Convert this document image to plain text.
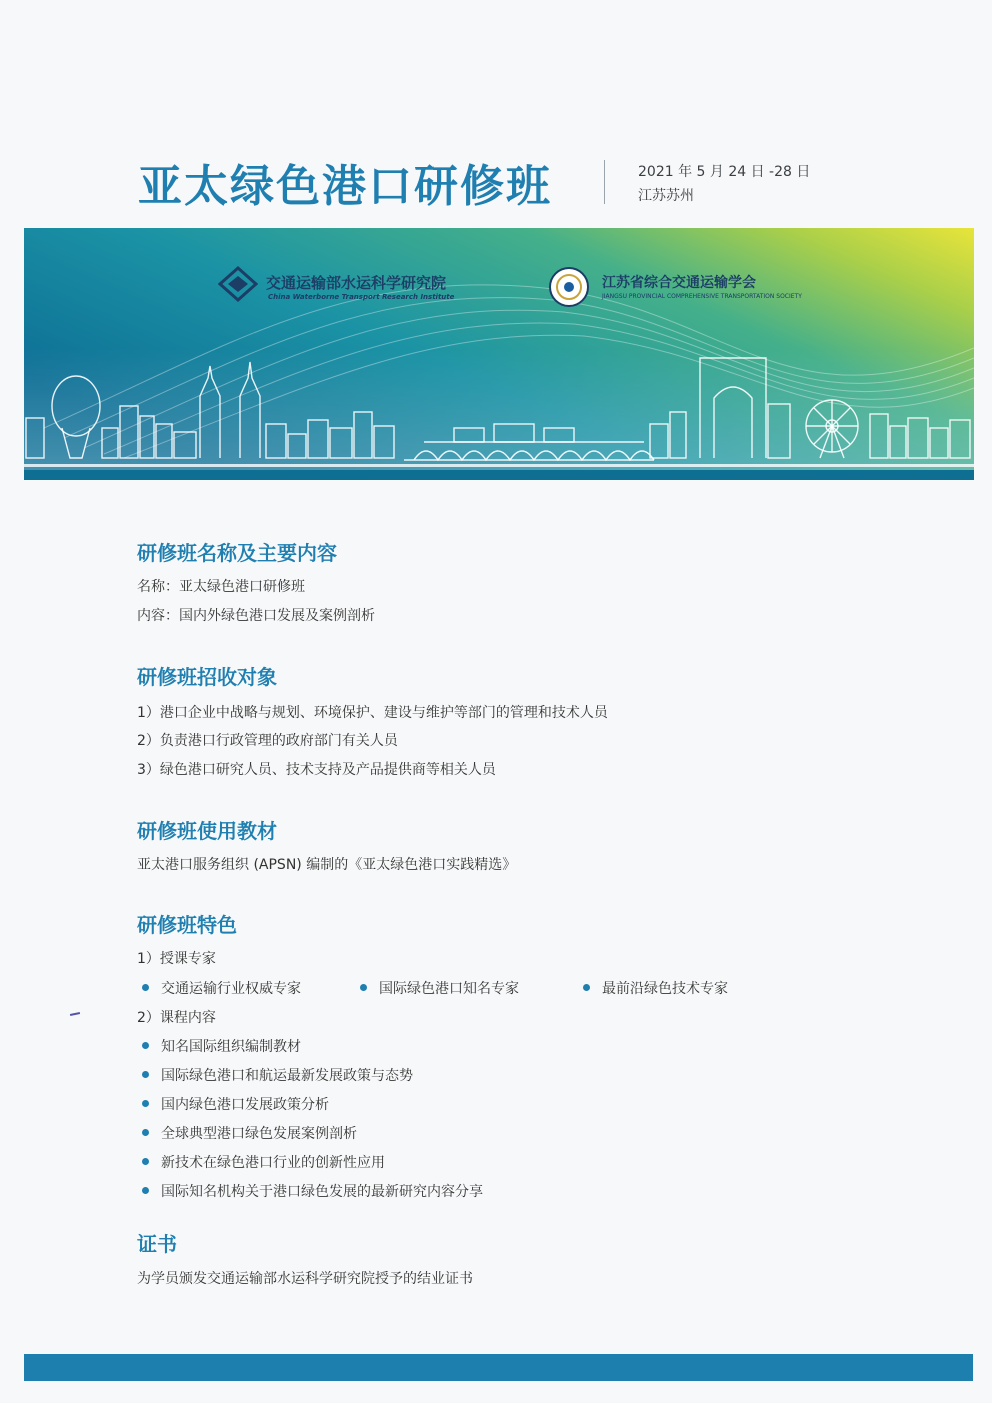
亚太绿色港口研修班	2021 年 5 月 24 日 -28 日
江苏苏州
交通运输部水运科学研究院
China Waterborne Transport Research Institute
江苏省综合交通运输学会
JIANGSU PROVINCIAL COMPREHENSIVE TRANSPORTATION SOCIETY
研修班名称及主要内容
名称：亚太绿色港口研修班
内容：国内外绿色港口发展及案例剖析
研修班招收对象
1）港口企业中战略与规划、环境保护、建设与维护等部门的管理和技术人员
2）负责港口行政管理的政府部门有关人员
3）绿色港口研究人员、技术支持及产品提供商等相关人员
研修班使用教材
亚太港口服务组织 (APSN) 编制的《亚太绿色港口实践精选》
研修班特色
1）授课专家
交通运输行业权威专家	国际绿色港口知名专家	最前沿绿色技术专家
2）课程内容
知名国际组织编制教材
国际绿色港口和航运最新发展政策与态势
国内绿色港口发展政策分析
全球典型港口绿色发展案例剖析
新技术在绿色港口行业的创新性应用
国际知名机构关于港口绿色发展的最新研究内容分享
证书
为学员颁发交通运输部水运科学研究院授予的结业证书
